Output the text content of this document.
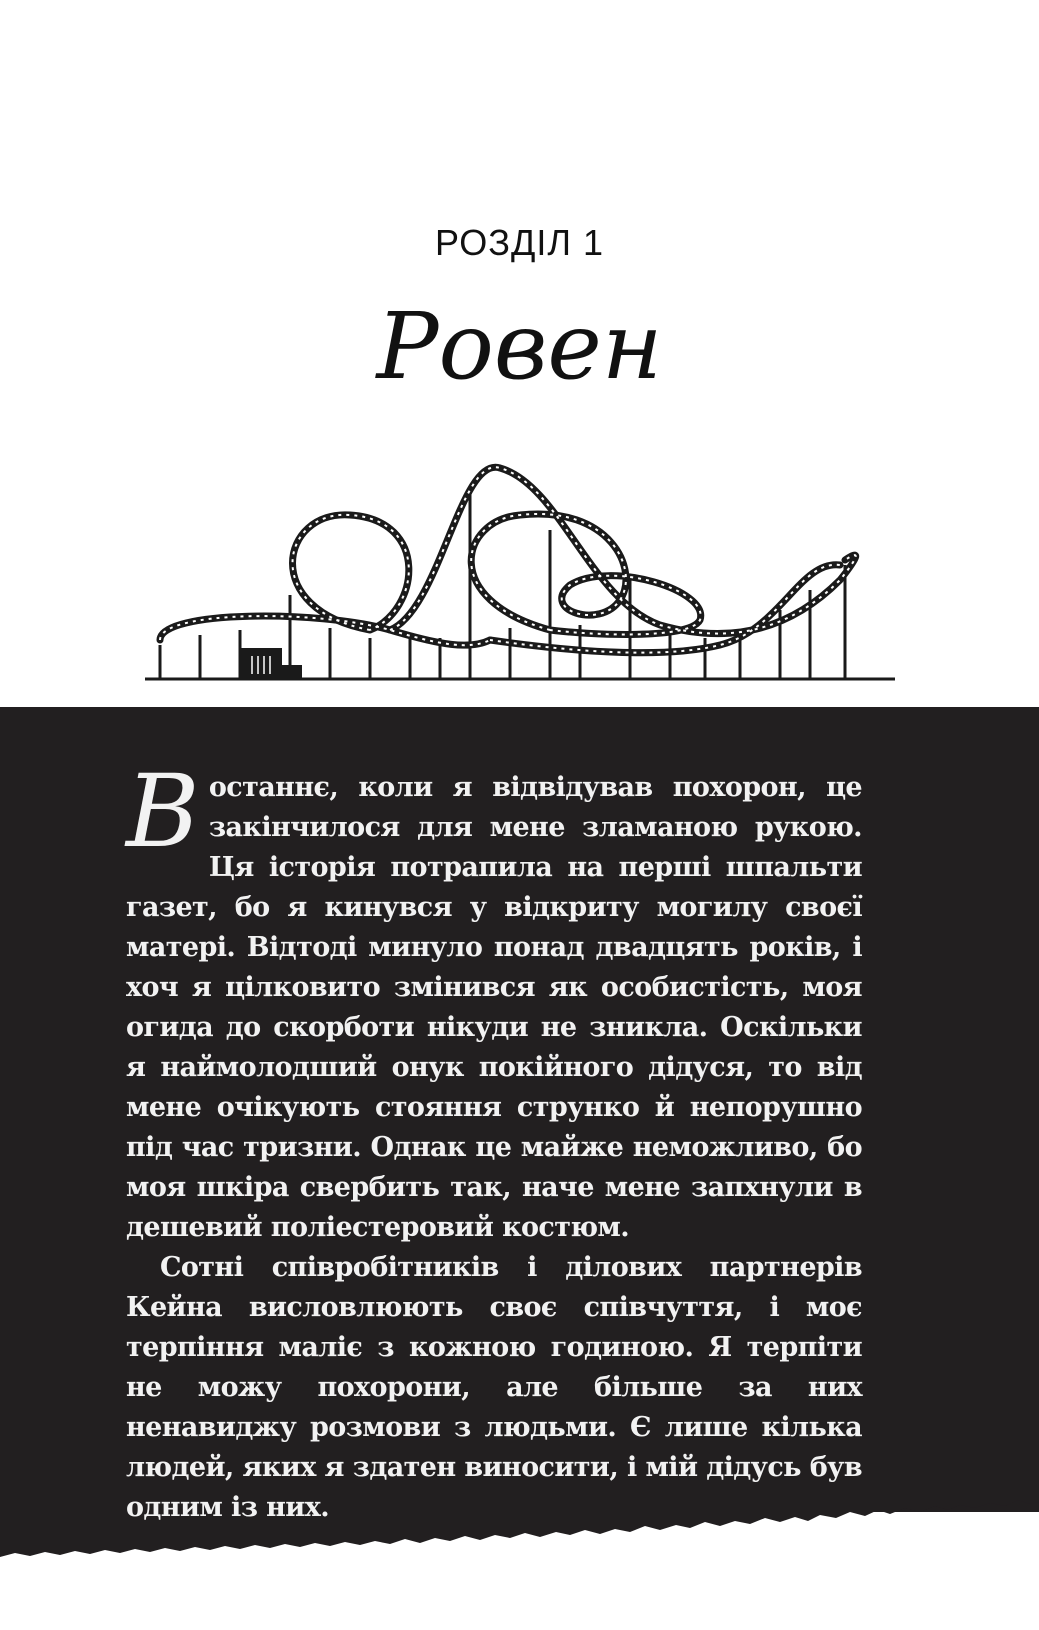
РОЗДІЛ 1
Ровен

Востаннє, коли я відвідував похорон, це закінчилося для мене зламаною рукою. Ця історія потрапила на перші шпальти газет, бо я кинувся у відкриту могилу своєї матері. Відтоді минуло понад двадцять років, і хоч я цілковито змінився як особистість, моя огида до скорботи нікуди не зникла. Оскільки я наймолодший онук покійного дідуся, то від мене очікують стояння струнко й непорушно під час тризни. Однак це майже неможливо, бо моя шкіра свербить так, наче мене запхнули в дешевий поліестеровий костюм.

Сотні співробітників і ділових партнерів Кейна висловлюють своє співчуття, і моє терпіння маліє з кожною годиною. Я терпіти не можу похорони, але більше за них ненавиджу розмови з людьми. Є лише кілька людей, яких я здатен виносити, і мій дідусь був одним із них.
